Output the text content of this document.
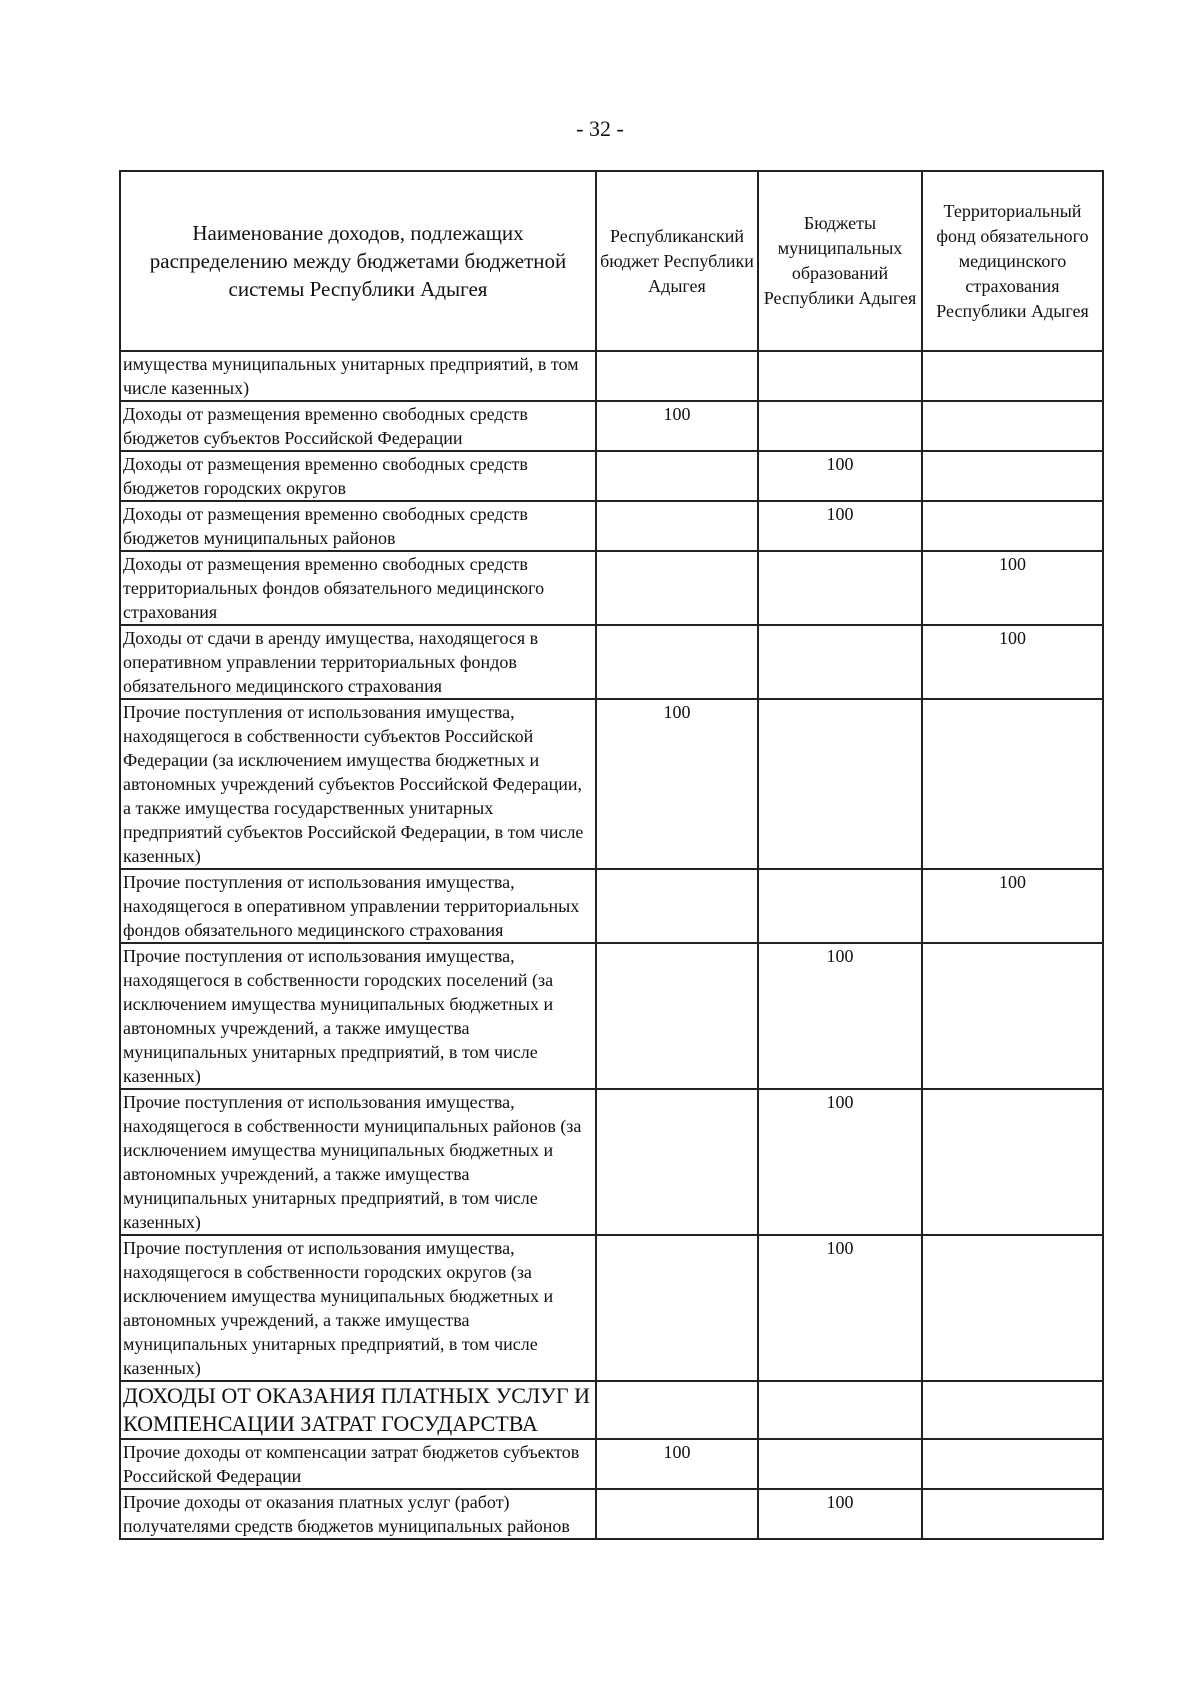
- 32 -
Наименование доходов, подлежащих распределению между бюджетами бюджетной системы Республики Адыгея	Республиканский бюджет Республики Адыгея	Бюджеты муниципальных образований Республики Адыгея	Территориальный фонд обязательного медицинского страхования Республики Адыгея
имущества муниципальных унитарных предприятий, в том числе казенных)			
Доходы от размещения временно свободных средств бюджетов субъектов Российской Федерации	100		
Доходы от размещения временно свободных средств бюджетов городских округов		100	
Доходы от размещения временно свободных средств бюджетов муниципальных районов		100	
Доходы от размещения временно свободных средств территориальных фондов обязательного медицинского страхования			100
Доходы от сдачи в аренду имущества, находящегося в оперативном управлении территориальных фондов обязательного медицинского страхования			100
Прочие поступления от использования имущества, находящегося в собственности субъектов Российской Федерации (за исключением имущества бюджетных и автономных учреждений субъектов Российской Федерации, а также имущества государственных унитарных предприятий субъектов Российской Федерации, в том числе казенных)	100		
Прочие поступления от использования имущества, находящегося в оперативном управлении территориальных фондов обязательного медицинского страхования			100
Прочие поступления от использования имущества, находящегося в собственности городских поселений (за исключением имущества муниципальных бюджетных и автономных учреждений, а также имущества муниципальных унитарных предприятий, в том числе казенных)		100	
Прочие поступления от использования имущества, находящегося в собственности муниципальных районов (за исключением имущества муниципальных бюджетных и автономных учреждений, а также имущества муниципальных унитарных предприятий, в том числе казенных)		100	
Прочие поступления от использования имущества, находящегося в собственности городских округов (за исключением имущества муниципальных бюджетных и автономных учреждений, а также имущества муниципальных унитарных предприятий, в том числе казенных)		100	
ДОХОДЫ ОТ ОКАЗАНИЯ ПЛАТНЫХ УСЛУГ И КОМПЕНСАЦИИ ЗАТРАТ ГОСУДАРСТВА			
Прочие доходы от компенсации затрат бюджетов субъектов Российской Федерации	100		
Прочие доходы от оказания платных услуг (работ) получателями средств бюджетов муниципальных районов		100	
